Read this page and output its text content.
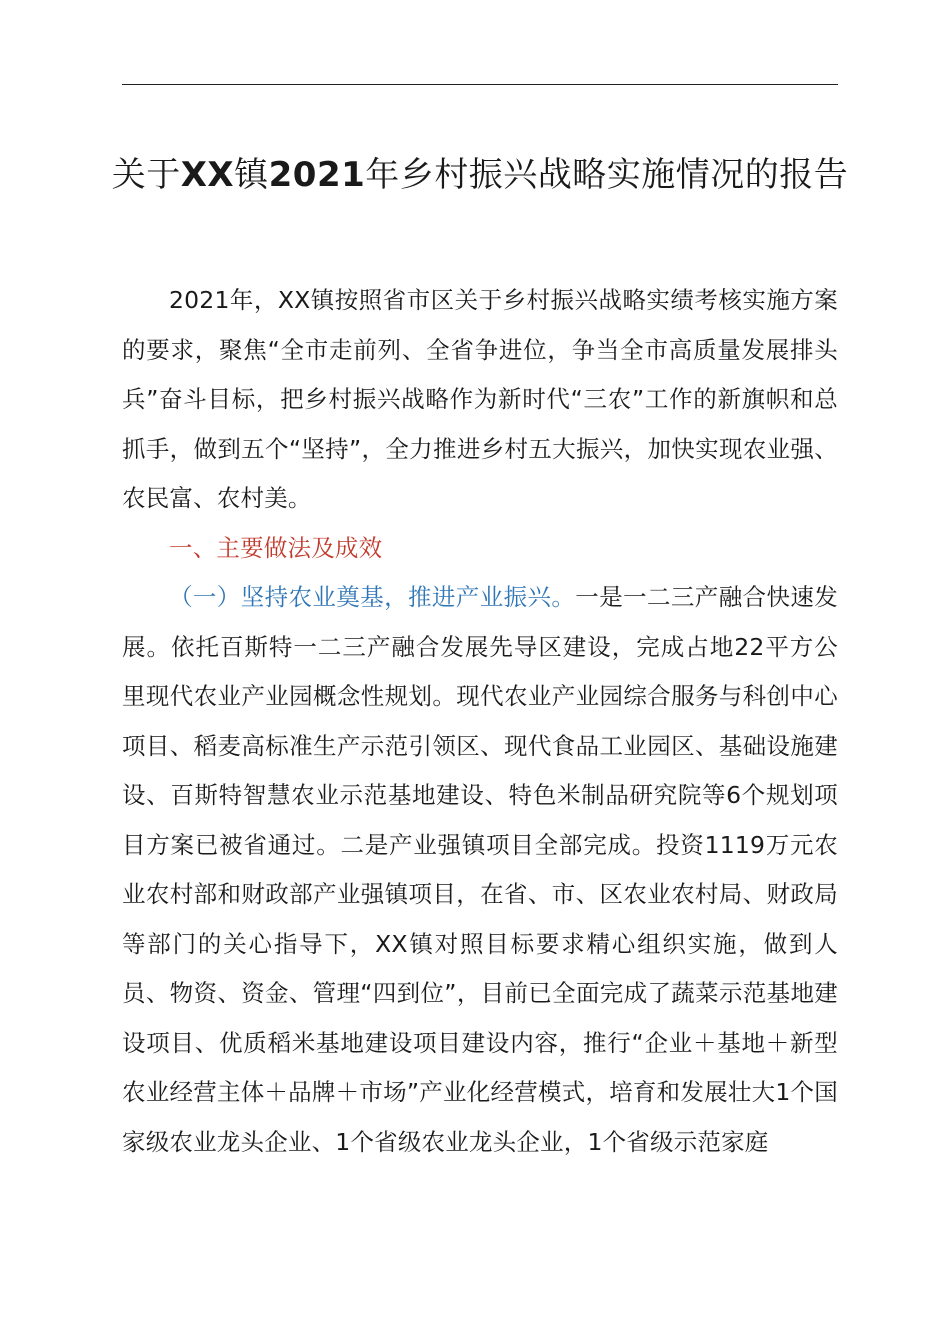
关于XX镇2021年乡村振兴战略实施情况的报告

2021年，XX镇按照省市区关于乡村振兴战略实绩考核实施方案的要求，聚焦“全市走前列、全省争进位，争当全市高质量发展排头兵”奋斗目标，把乡村振兴战略作为新时代“三农”工作的新旗帜和总抓手，做到五个“坚持”，全力推进乡村五大振兴，加快实现农业强、农民富、农村美。

一、主要做法及成效

（一）坚持农业奠基，推进产业振兴。一是一二三产融合快速发展。依托百斯特一二三产融合发展先导区建设，完成占地22平方公里现代农业产业园概念性规划。现代农业产业园综合服务与科创中心项目、稻麦高标准生产示范引领区、现代食品工业园区、基础设施建设、百斯特智慧农业示范基地建设、特色米制品研究院等6个规划项目方案已被省通过。二是产业强镇项目全部完成。投资1119万元农业农村部和财政部产业强镇项目，在省、市、区农业农村局、财政局等部门的关心指导下，XX镇对照目标要求精心组织实施，做到人员、物资、资金、管理“四到位”，目前已全面完成了蔬菜示范基地建设项目、优质稻米基地建设项目建设内容，推行“企业＋基地＋新型农业经营主体＋品牌＋市场”产业化经营模式，培育和发展壮大1个国家级农业龙头企业、1个省级农业龙头企业，1个省级示范家庭
